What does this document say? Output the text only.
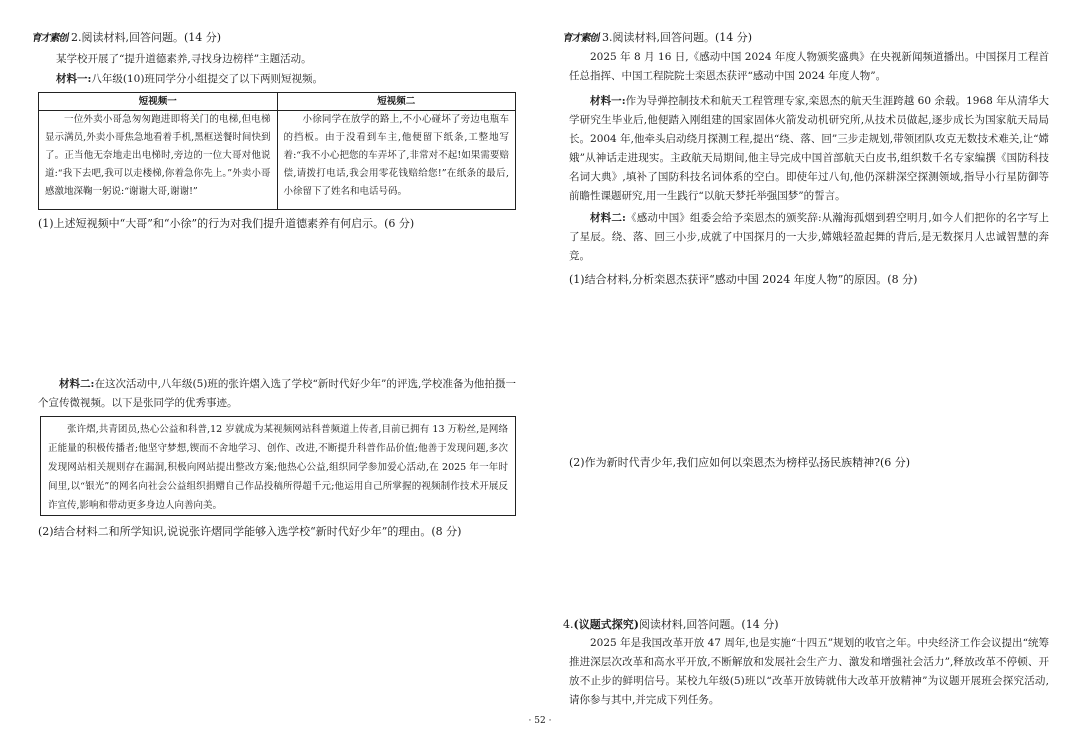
育才素创 2.阅读材料,回答问题。(14 分)
某学校开展了“提升道德素养,寻找身边榜样”主题活动。
材料一:八年级(10)班同学分小组提交了以下两则短视频。
短视频一	短视频二
一位外卖小哥急匆匆跑进即将关门的电梯,但电梯显示满员,外卖小哥焦急地看着手机,黑框送餐时间快到了。正当他无奈地走出电梯时,旁边的一位大哥对他说道:“我下去吧,我可以走楼梯,你着急你先上。”外卖小哥感激地深鞠一躬说:“谢谢大哥,谢谢!”	小徐同学在放学的路上,不小心碰坏了旁边电瓶车的挡板。由于没看到车主,他便留下纸条,工整地写着:“我不小心把您的车弄坏了,非常对不起!如果需要赔偿,请拨打电话,我会用零花钱赔给您!”在纸条的最后,小徐留下了姓名和电话号码。
(1)上述短视频中“大哥”和“小徐”的行为对我们提升道德素养有何启示。(6 分)
材料二:在这次活动中,八年级(5)班的张许熠入选了学校“新时代好少年”的评选,学校准备为他拍摄一个宣传微视频。以下是张同学的优秀事迹。
张许熠,共青团员,热心公益和科普,12 岁就成为某视频网站科普频道上传者,目前已拥有 13 万粉丝,是网络正能量的积极传播者;他坚守梦想,锲而不舍地学习、创作、改进,不断提升科普作品价值;他善于发现问题,多次发现网站相关规则存在漏洞,积极向网站提出整改方案;他热心公益,组织同学参加爱心活动,在 2025 年一年时间里,以“银光”的网名向社会公益组织捐赠自己作品投稿所得超千元;他运用自己所掌握的视频制作技术开展反诈宣传,影响和带动更多身边人向善向美。
(2)结合材料二和所学知识,说说张许熠同学能够入选学校“新时代好少年”的理由。(8 分)
育才素创 3.阅读材料,回答问题。(14 分)
2025 年 8 月 16 日,《感动中国 2024 年度人物颁奖盛典》在央视新闻频道播出。中国探月工程首任总指挥、中国工程院院士栾恩杰获评“感动中国 2024 年度人物”。
材料一:作为导弹控制技术和航天工程管理专家,栾恩杰的航天生涯跨越 60 余载。1968 年从清华大学研究生毕业后,他便踏入刚组建的国家固体火箭发动机研究所,从技术员做起,逐步成长为国家航天局局长。2004 年,他牵头启动绕月探测工程,提出“绕、落、回”三步走规划,带领团队攻克无数技术难关,让“嫦娥”从神话走进现实。主政航天局期间,他主导完成中国首部航天白皮书,组织数千名专家编撰《国防科技名词大典》,填补了国防科技名词体系的空白。即使年过八旬,他仍深耕深空探测领域,指导小行星防御等前瞻性课题研究,用一生践行“以航天梦托举强国梦”的誓言。
材料二:《感动中国》组委会给予栾恩杰的颁奖辞:从瀚海孤烟到碧空明月,如今人们把你的名字写上了星辰。绕、落、回三小步,成就了中国探月的一大步,嫦娥轻盈起舞的背后,是无数探月人忠诚智慧的奔竞。
(1)结合材料,分析栾恩杰获评“感动中国 2024 年度人物”的原因。(8 分)
(2)作为新时代青少年,我们应如何以栾恩杰为榜样弘扬民族精神?(6 分)
4.(议题式探究)阅读材料,回答问题。(14 分)
2025 年是我国改革开放 47 周年,也是实施“十四五”规划的收官之年。中央经济工作会议提出“统筹推进深层次改革和高水平开放,不断解放和发展社会生产力、激发和增强社会活力”,释放改革不停顿、开放不止步的鲜明信号。某校九年级(5)班以“改革开放铸就伟大改革开放精神”为议题开展班会探究活动,请你参与其中,并完成下列任务。
· 52 ·
